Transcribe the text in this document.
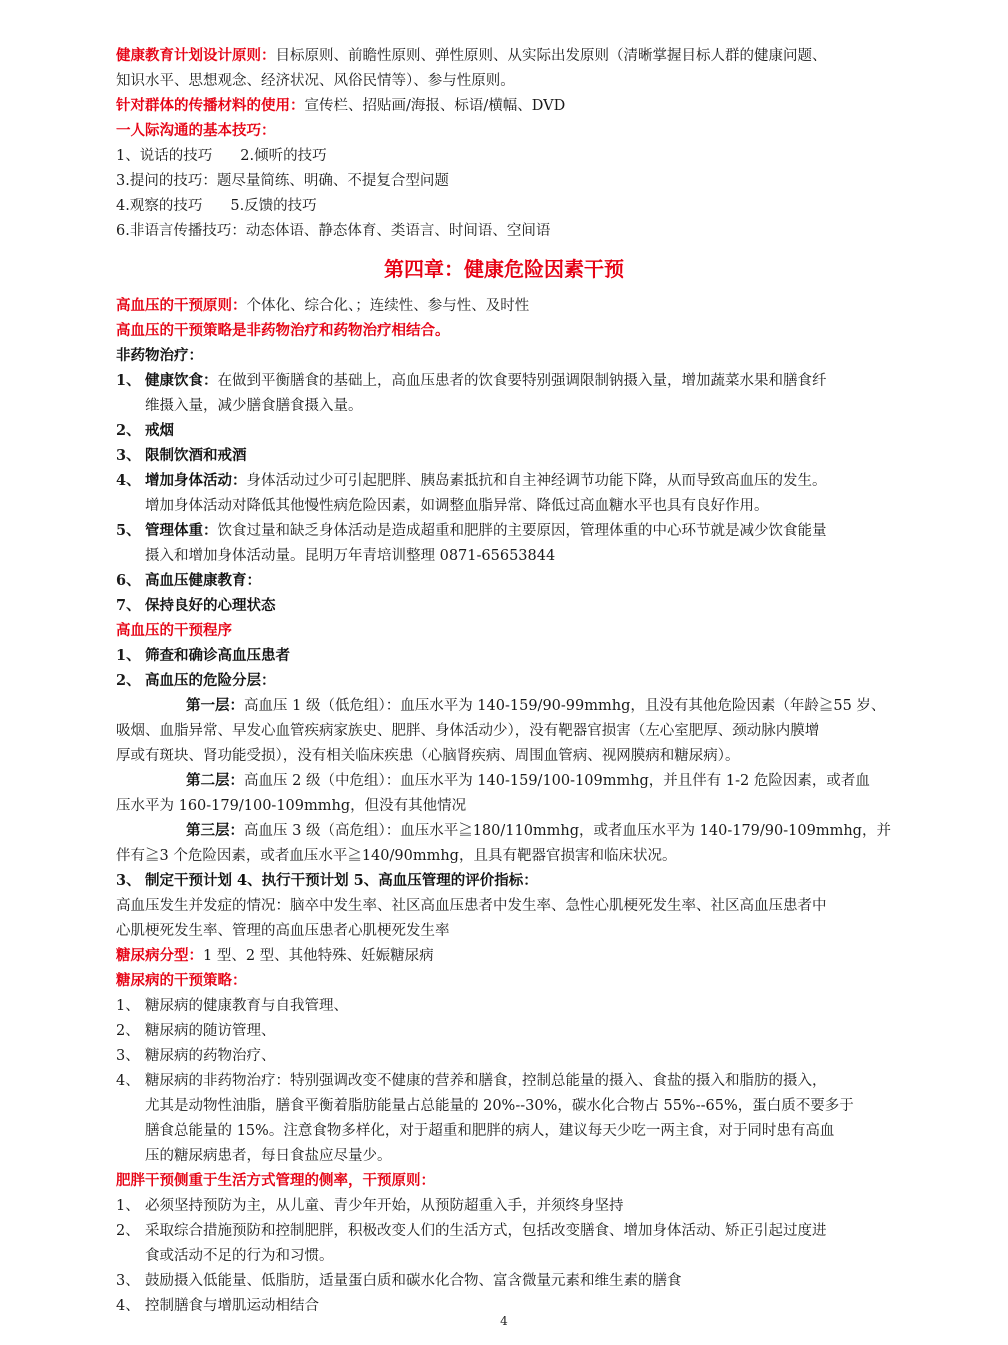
健康教育计划设计原则：目标原则、前瞻性原则、弹性原则、从实际出发原则（清晰掌握目标人群的健康问题、
知识水平、思想观念、经济状况、风俗民情等）、参与性原则。
针对群体的传播材料的使用：宣传栏、招贴画/海报、标语/横幅、DVD
一人际沟通的基本技巧：
1、说话的技巧 2.倾听的技巧
3.提问的技巧：题尽量简练、明确、不提复合型问题
4.观察的技巧 5.反馈的技巧
6.非语言传播技巧：动态体语、静态体育、类语言、时间语、空间语
第四章：健康危险因素干预
高血压的干预原则：个体化、综合化、；连续性、参与性、及时性
高血压的干预策略是非药物治疗和药物治疗相结合。
非药物治疗：
1、 健康饮食：在做到平衡膳食的基础上，高血压患者的饮食要特别强调限制钠摄入量，增加蔬菜水果和膳食纤
维摄入量，减少膳食膳食摄入量。
2、 戒烟
3、 限制饮酒和戒酒
4、 增加身体活动：身体活动过少可引起肥胖、胰岛素抵抗和自主神经调节功能下降，从而导致高血压的发生。
增加身体活动对降低其他慢性病危险因素，如调整血脂异常、降低过高血糖水平也具有良好作用。
5、 管理体重：饮食过量和缺乏身体活动是造成超重和肥胖的主要原因，管理体重的中心环节就是减少饮食能量
摄入和增加身体活动量。昆明万年青培训整理 0871-65653844
6、 高血压健康教育：
7、 保持良好的心理状态
高血压的干预程序
1、 筛查和确诊高血压患者
2、 高血压的危险分层：
第一层：高血压 1 级（低危组）：血压水平为 140-159/90-99mmhg，且没有其他危险因素（年龄≧55 岁、
吸烟、血脂异常、早发心血管疾病家族史、肥胖、身体活动少），没有靶器官损害（左心室肥厚、颈动脉内膜增
厚或有斑块、肾功能受损），没有相关临床疾患（心脑肾疾病、周围血管病、视网膜病和糖尿病）。
第二层：高血压 2 级（中危组）：血压水平为 140-159/100-109mmhg，并且伴有 1-2 危险因素，或者血
压水平为 160-179/100-109mmhg，但没有其他情况
第三层：高血压 3 级（高危组）：血压水平≧180/110mmhg，或者血压水平为 140-179/90-109mmhg，并
伴有≧3 个危险因素，或者血压水平≧140/90mmhg，且具有靶器官损害和临床状况。
3、 制定干预计划 4、执行干预计划 5、高血压管理的评价指标：
高血压发生并发症的情况：脑卒中发生率、社区高血压患者中发生率、急性心肌梗死发生率、社区高血压患者中
心肌梗死发生率、管理的高血压患者心肌梗死发生率
糖尿病分型：1 型、2 型、其他特殊、妊娠糖尿病
糖尿病的干预策略：
1、 糖尿病的健康教育与自我管理、
2、 糖尿病的随访管理、
3、 糖尿病的药物治疗、
4、 糖尿病的非药物治疗：特别强调改变不健康的营养和膳食，控制总能量的摄入、食盐的摄入和脂肪的摄入，
尤其是动物性油脂，膳食平衡着脂肪能量占总能量的 20%--30%，碳水化合物占 55%--65%，蛋白质不要多于
膳食总能量的 15%。注意食物多样化，对于超重和肥胖的病人，建议每天少吃一两主食，对于同时患有高血
压的糖尿病患者，每日食盐应尽量少。
肥胖干预侧重于生活方式管理的侧率，干预原则：
1、 必须坚持预防为主，从儿童、青少年开始，从预防超重入手，并须终身坚持
2、 采取综合措施预防和控制肥胖，积极改变人们的生活方式，包括改变膳食、增加身体活动、矫正引起过度进
食或活动不足的行为和习惯。
3、 鼓励摄入低能量、低脂肪，适量蛋白质和碳水化合物、富含微量元素和维生素的膳食
4、 控制膳食与增肌运动相结合
4
